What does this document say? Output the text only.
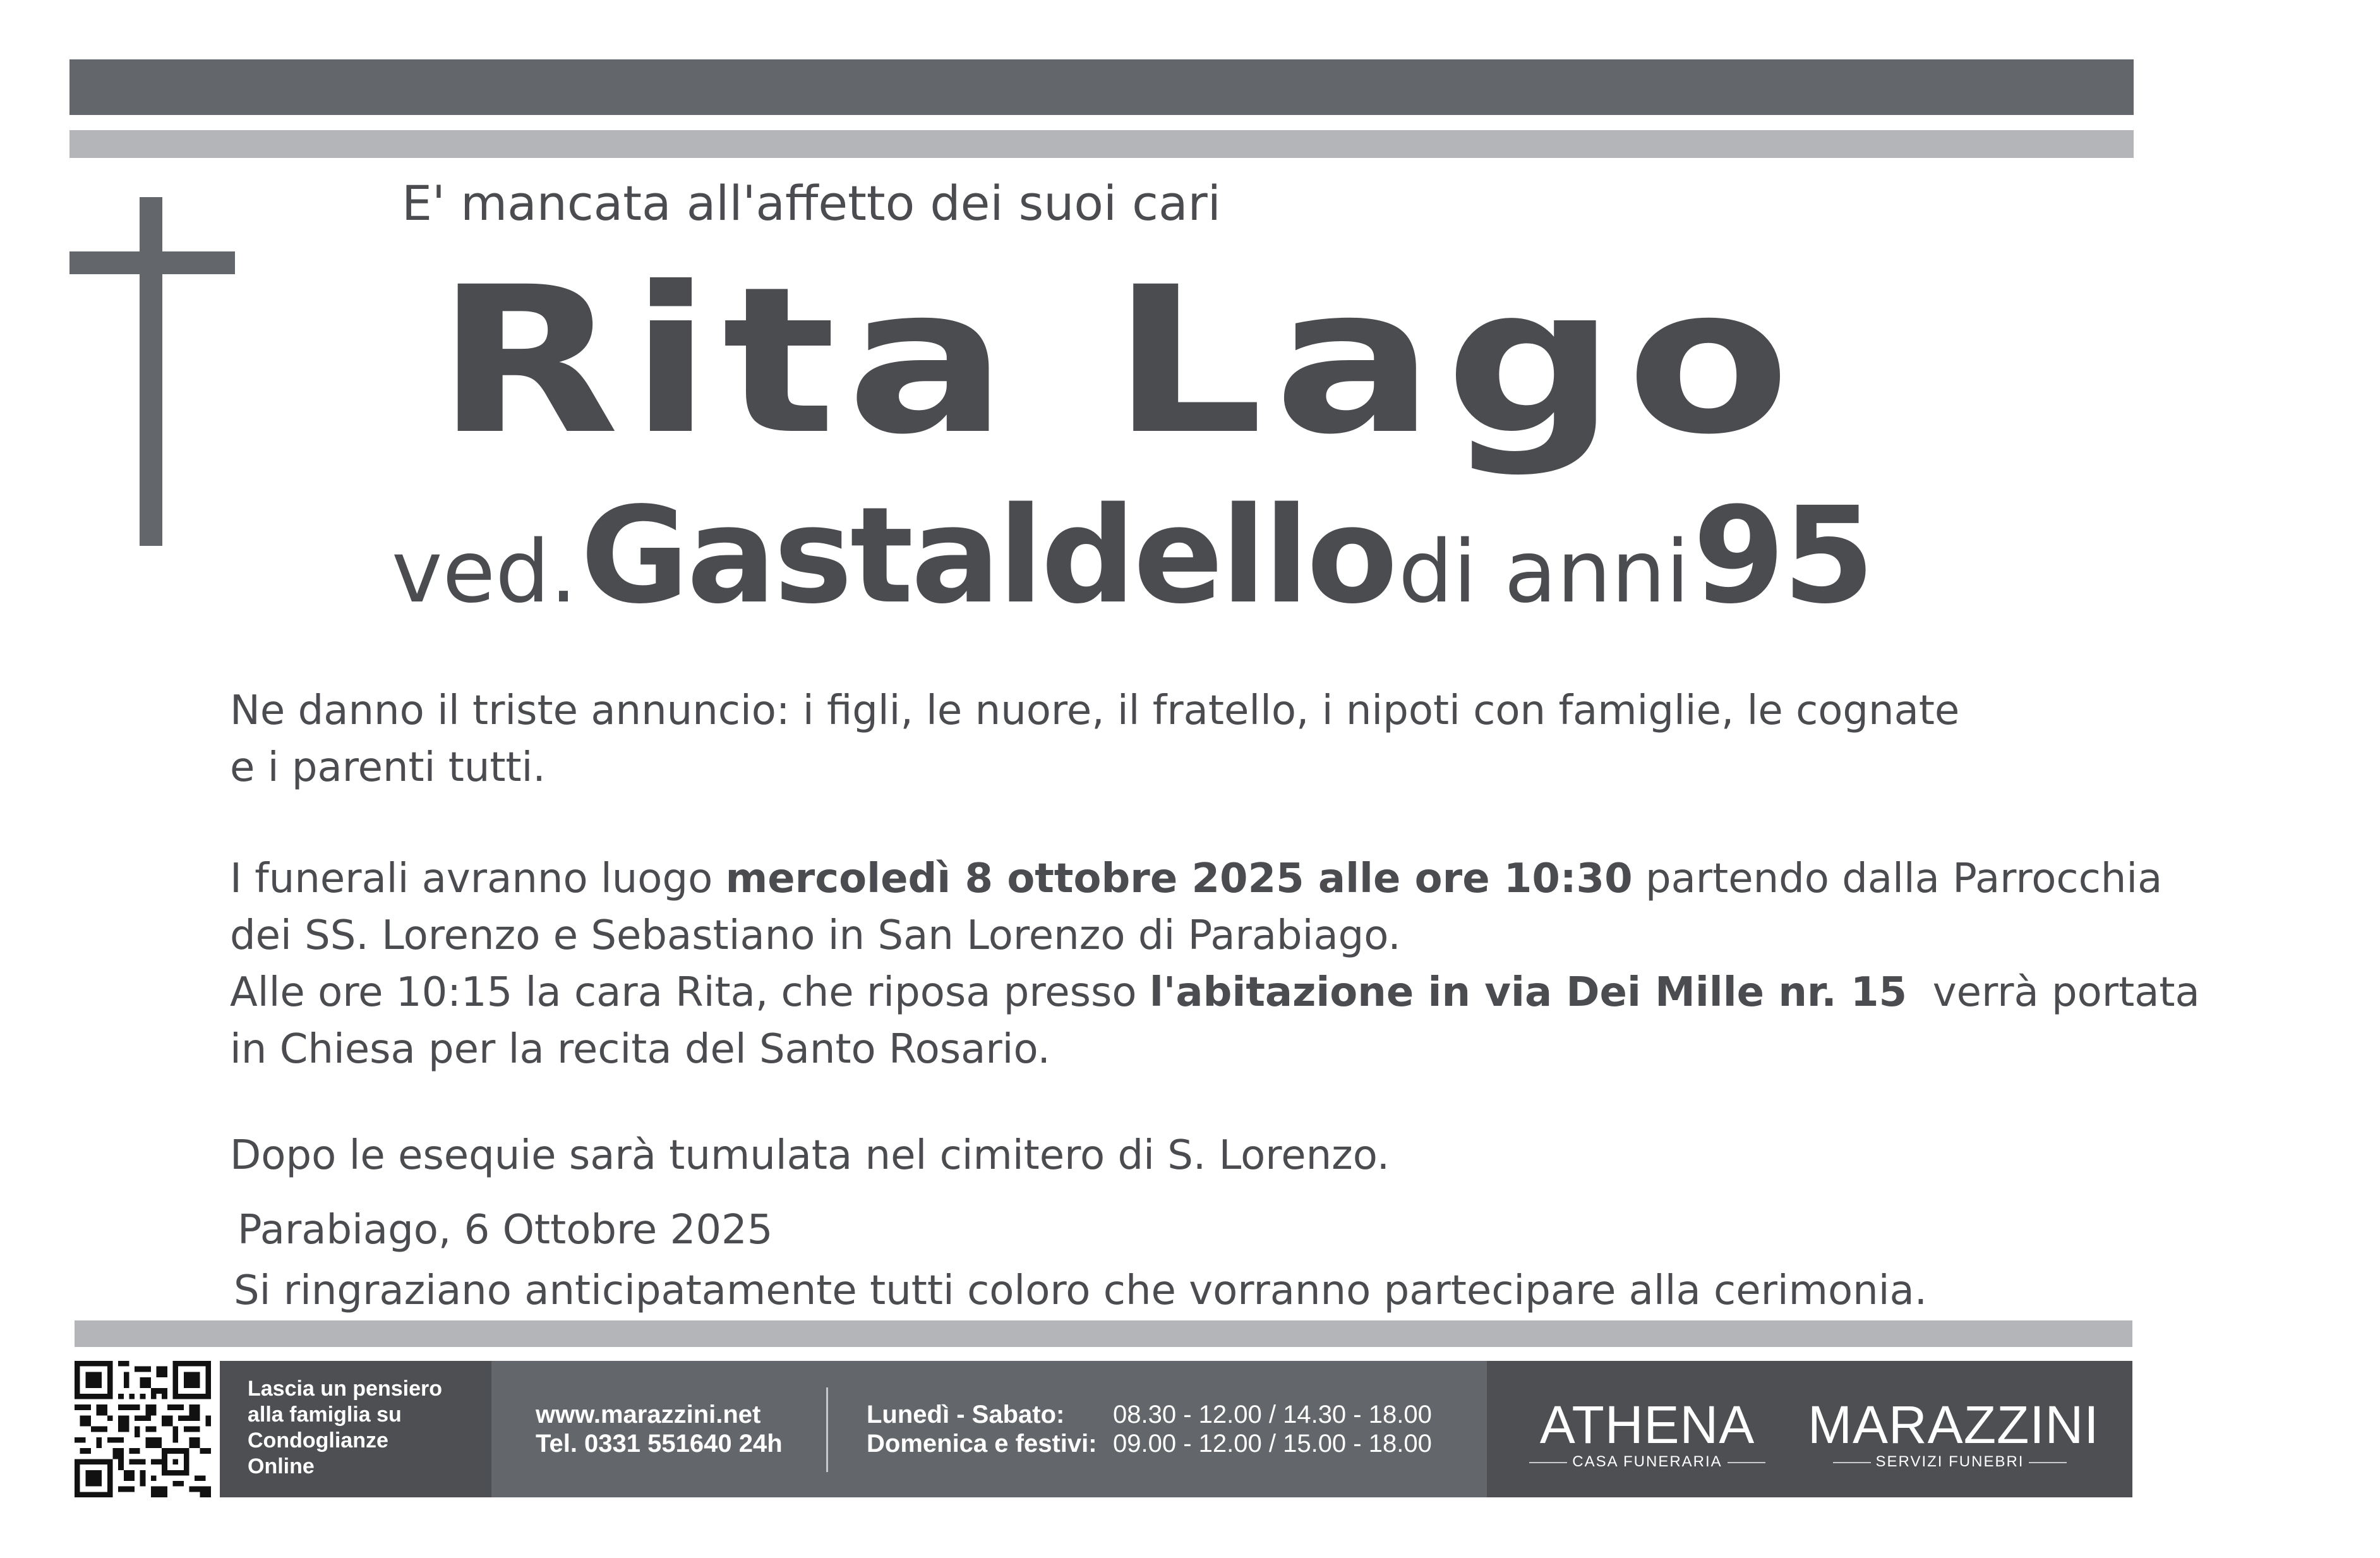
E' mancata all'affetto dei suoi cari
Rita Lago
ved. Gastaldello di anni 95
Ne danno il triste annuncio: i figli, le nuore, il fratello, i nipoti con famiglie, le cognate
e i parenti tutti.
I funerali avranno luogo mercoledì 8 ottobre 2025 alle ore 10:30 partendo dalla Parrocchia
dei SS. Lorenzo e Sebastiano in San Lorenzo di Parabiago.
Alle ore 10:15 la cara Rita, che riposa presso l'abitazione in via Dei Mille nr. 15  verrà portata
in Chiesa per la recita del Santo Rosario.
Dopo le esequie sarà tumulata nel cimitero di S. Lorenzo.
Parabiago, 6 Ottobre 2025
Si ringraziano anticipatamente tutti coloro che vorranno partecipare alla cerimonia.
Lascia un pensiero
alla famiglia su
Condoglianze
Online
www.marazzini.net
Tel. 0331 551640 24h
Lunedì - Sabato:
Domenica e festivi:
08.30 - 12.00 / 14.30 - 18.00
09.00 - 12.00 / 15.00 - 18.00	ATHENA
CASA FUNERARIA
MARAZZINI
SERVIZI FUNEBRI
